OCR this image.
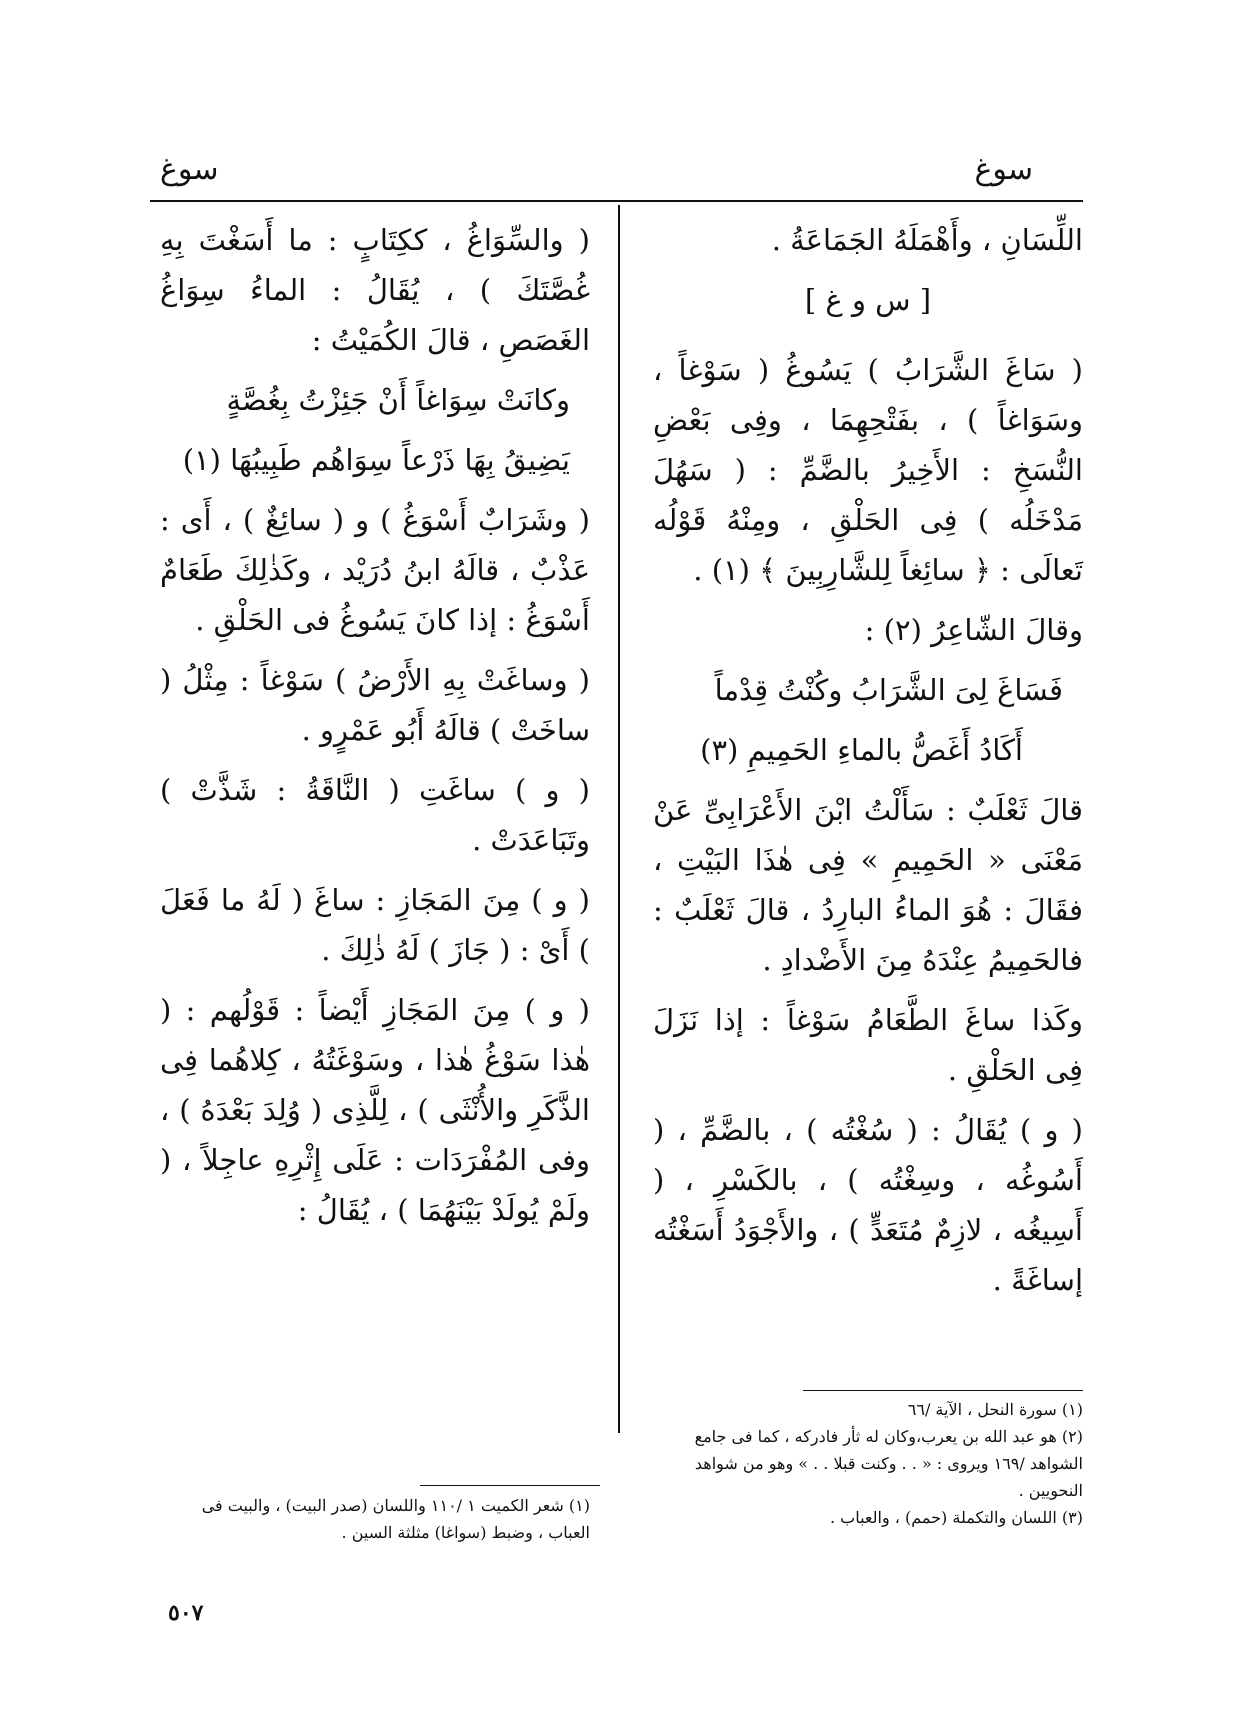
سوغ
سوغ

اللِّسَانِ ، وأَهْمَلَهُ الجَمَاعَةُ .

[ س و غ ]

( سَاغَ الشَّرَابُ ) يَسُوغُ ( سَوْغاً ، وسَوَاغاً ) ، بفَتْحِهِمَا ، وفِى بَعْضِ النُّسَخِ : الأَخِيرُ بالضَّمِّ : ( سَهُلَ مَدْخَلُه ) فِى الحَلْقِ ، ومِنْهُ قَوْلُه تَعالَى : ﴿ سائِغاً لِلشَّارِبِينَ ﴾ (١) .

وقالَ الشّاعِرُ (٢) :

فَسَاغَ لِىَ الشَّرَابُ وكُنْتُ قِدْماً

أَكَادُ أَغَصُّ بالماءِ الحَمِيمِ (٣)

قالَ ثَعْلَبٌ : سَأَلْتُ ابْنَ الأَعْرَابِىِّ عَنْ مَعْنَى « الحَمِيمِ » فِى هٰذَا البَيْتِ ، فقَالَ : هُوَ الماءُ البارِدُ ، قالَ ثَعْلَبٌ : فالحَمِيمُ عِنْدَهُ مِنَ الأَضْدادِ .

وكَذا ساغَ الطَّعَامُ سَوْغاً : إذا نَزَلَ فِى الحَلْقِ .

( و ) يُقَالُ : ( سُغْتُه ) ، بالضَّمِّ ، ( أَسُوغُه ، وسِغْتُه ) ، بالكَسْرِ ، ( أَسِيغُه ، لازِمٌ مُتَعَدٍّ ) ، والأَجْوَدُ أَسَغْتُه إساغَةً .

( والسِّوَاغُ ، ككِتَابٍ : ما أَسَغْتَ بِهِ غُصَّتَكَ ) ، يُقَالُ : الماءُ سِوَاغُ الغَصَصِ ، قالَ الكُمَيْتُ :

وكانَتْ سِوَاغاً أَنْ جَئِزْتُ بِغُصَّةٍ

يَضِيقُ بِهَا ذَرْعاً سِوَاهُم طَبِيبُهَا (١)

( وشَرَابٌ أَسْوَغُ ) و ( سائِغٌ ) ، أَى : عَذْبٌ ، قالَهُ ابنُ دُرَيْد ، وكَذٰلِكَ طَعَامٌ أَسْوَغُ : إذا كانَ يَسُوغُ فى الحَلْقِ .

( وساغَتْ بِهِ الأَرْضُ ) سَوْغاً : مِثْلُ ( ساخَتْ ) قالَهُ أَبُو عَمْرٍو .

( و ) ساغَتِ ( النَّاقَةُ : شَذَّتْ ) وتَبَاعَدَتْ .

( و ) مِنَ المَجَازِ : ساغَ ( لَهُ ما فَعَلَ ) أَىْ : ( جَازَ ) لَهُ ذٰلِكَ .

( و ) مِنَ المَجَازِ أَيْضاً : قَوْلُهم : ( هٰذا سَوْغُ هٰذا ، وسَوْغَتُهُ ، كِلاهُما فِى الذَّكَرِ والأُنْثَى ) ، لِلَّذِى ( وُلِدَ بَعْدَهُ ) ، وفى المُفْرَدَات : عَلَى إِثْرِهِ عاجِلاً ، ( ولَمْ يُولَدْ بَيْنَهُمَا ) ، يُقَالُ :

(١) سورة النحل ، الآية /٦٦

(٢) هو عبد الله بن يعرب،وكان له ثأر فادركه ، كما فى جامع الشواهد /١٦٩ ويروى : « . . وكنت قبلا . . » وهو من شواهد النحويين .

(٣) اللسان والتكملة (حمم) ، والعباب .

(١) شعر الكميت ١ /١١٠ واللسان (صدر البيت) ، والبيت فى العباب ، وضبط (سواغا) مثلثة السين .

٥٠٧
